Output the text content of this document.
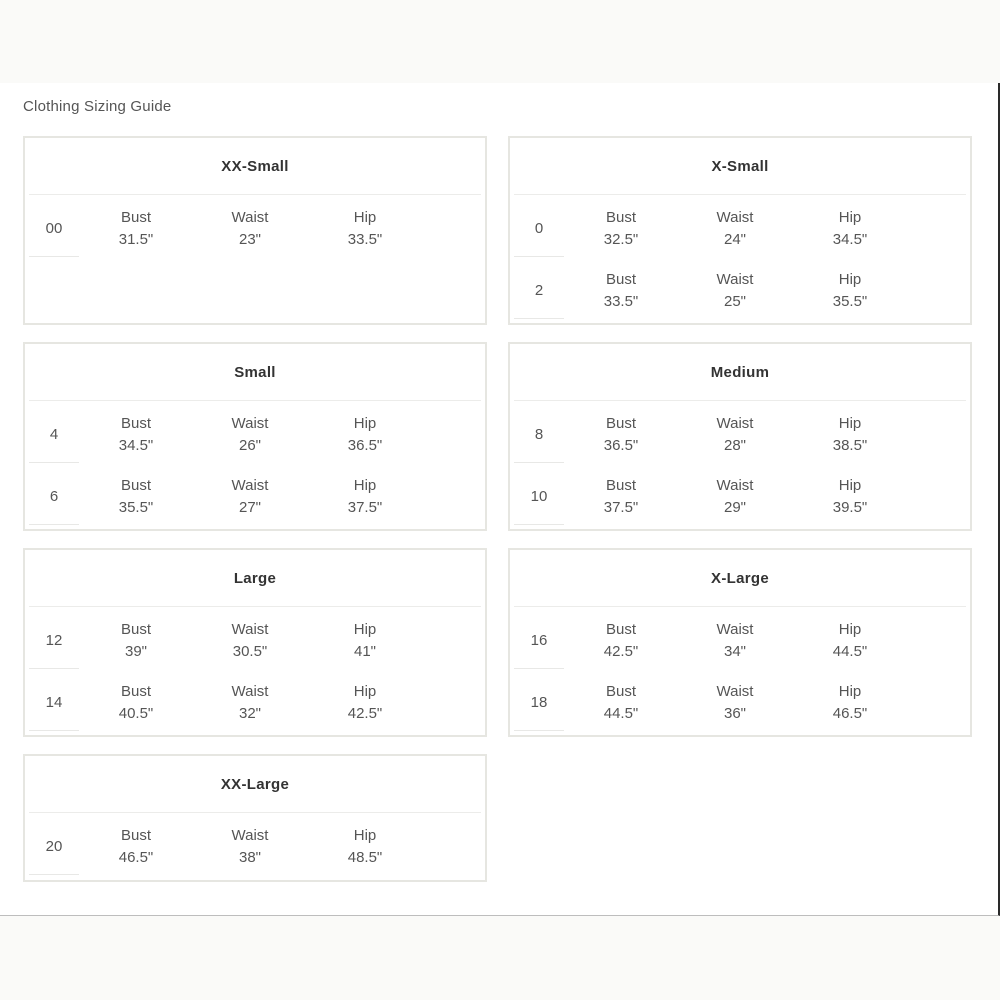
Clothing Sizing Guide
XX-Small
00
Bust
31.5"
Waist
23"
Hip
33.5"
X-Small
0
Bust
32.5"
Waist
24"
Hip
34.5"
2
Bust
33.5"
Waist
25"
Hip
35.5"
Small
4
Bust
34.5"
Waist
26"
Hip
36.5"
6
Bust
35.5"
Waist
27"
Hip
37.5"
Medium
8
Bust
36.5"
Waist
28"
Hip
38.5"
10
Bust
37.5"
Waist
29"
Hip
39.5"
Large
12
Bust
39"
Waist
30.5"
Hip
41"
14
Bust
40.5"
Waist
32"
Hip
42.5"
X-Large
16
Bust
42.5"
Waist
34"
Hip
44.5"
18
Bust
44.5"
Waist
36"
Hip
46.5"
XX-Large
20
Bust
46.5"
Waist
38"
Hip
48.5"
